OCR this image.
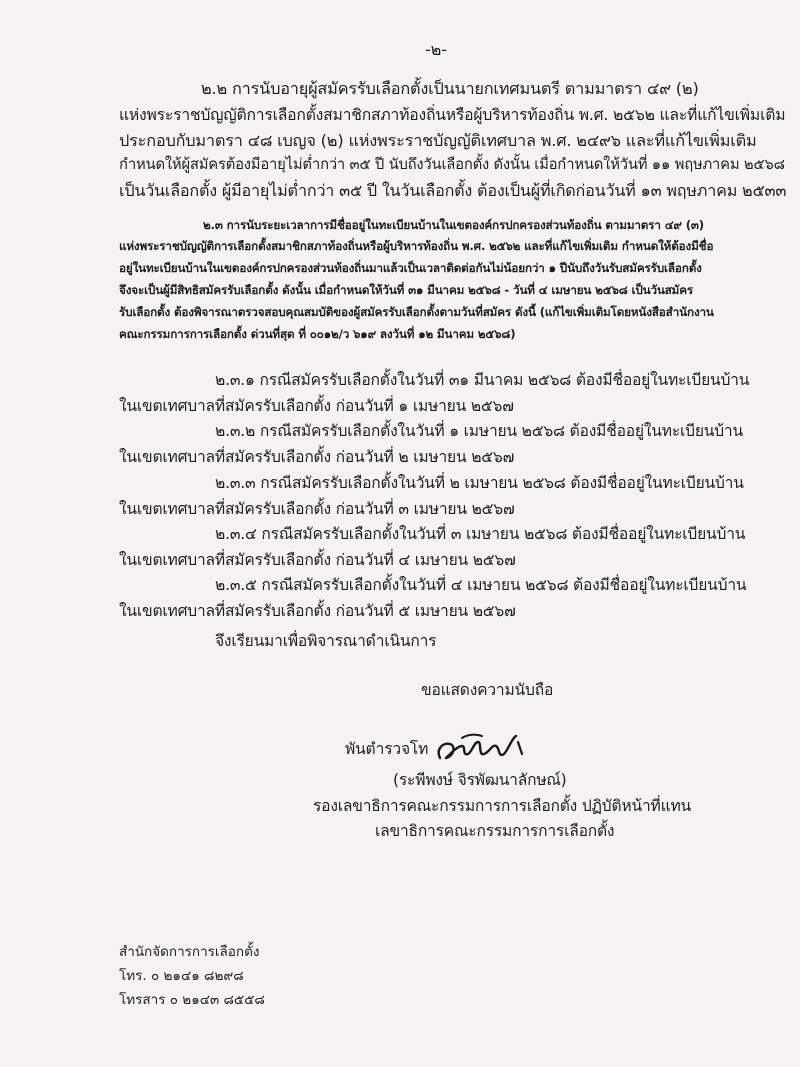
-๒-
๒.๒ การนับอายุผู้สมัครรับเลือกตั้งเป็นนายกเทศมนตรี ตามมาตรา ๔๙ (๒)
แห่งพระราชบัญญัติการเลือกตั้งสมาชิกสภาท้องถิ่นหรือผู้บริหารท้องถิ่น พ.ศ. ๒๕๖๒ และที่แก้ไขเพิ่มเติม
ประกอบกับมาตรา ๔๘ เบญจ (๒) แห่งพระราชบัญญัติเทศบาล พ.ศ. ๒๔๙๖ และที่แก้ไขเพิ่มเติม
กำหนดให้ผู้สมัครต้องมีอายุไม่ต่ำกว่า ๓๕ ปี นับถึงวันเลือกตั้ง ดังนั้น เมื่อกำหนดให้วันที่ ๑๑ พฤษภาคม ๒๕๖๘
เป็นวันเลือกตั้ง ผู้มีอายุไม่ต่ำกว่า ๓๕ ปี ในวันเลือกตั้ง ต้องเป็นผู้ที่เกิดก่อนวันที่ ๑๓ พฤษภาคม ๒๕๓๓
๒.๓ การนับระยะเวลาการมีชื่ออยู่ในทะเบียนบ้านในเขตองค์กรปกครองส่วนท้องถิ่น ตามมาตรา ๔๙ (๓)
แห่งพระราชบัญญัติการเลือกตั้งสมาชิกสภาท้องถิ่นหรือผู้บริหารท้องถิ่น พ.ศ. ๒๕๖๒ และที่แก้ไขเพิ่มเติม กำหนดให้ต้องมีชื่อ
อยู่ในทะเบียนบ้านในเขตองค์กรปกครองส่วนท้องถิ่นมาแล้วเป็นเวลาติดต่อกันไม่น้อยกว่า ๑ ปีนับถึงวันรับสมัครรับเลือกตั้ง
จึงจะเป็นผู้มีสิทธิสมัครรับเลือกตั้ง ดังนั้น เมื่อกำหนดให้วันที่ ๓๑ มีนาคม ๒๕๖๘ - วันที่ ๔ เมษายน ๒๕๖๘ เป็นวันสมัคร
รับเลือกตั้ง ต้องพิจารณาตรวจสอบคุณสมบัติของผู้สมัครรับเลือกตั้งตามวันที่สมัคร ดังนี้ (แก้ไขเพิ่มเติมโดยหนังสือสำนักงาน
คณะกรรมการการเลือกตั้ง ด่วนที่สุด ที่ ๐๐๑๒/ว ๖๑๙ ลงวันที่ ๑๒ มีนาคม ๒๕๖๘)
๒.๓.๑ กรณีสมัครรับเลือกตั้งในวันที่ ๓๑ มีนาคม ๒๕๖๘ ต้องมีชื่ออยู่ในทะเบียนบ้าน
ในเขตเทศบาลที่สมัครรับเลือกตั้ง ก่อนวันที่ ๑ เมษายน ๒๕๖๗
๒.๓.๒ กรณีสมัครรับเลือกตั้งในวันที่ ๑ เมษายน ๒๕๖๘ ต้องมีชื่ออยู่ในทะเบียนบ้าน
ในเขตเทศบาลที่สมัครรับเลือกตั้ง ก่อนวันที่ ๒ เมษายน ๒๕๖๗
๒.๓.๓ กรณีสมัครรับเลือกตั้งในวันที่ ๒ เมษายน ๒๕๖๘ ต้องมีชื่ออยู่ในทะเบียนบ้าน
ในเขตเทศบาลที่สมัครรับเลือกตั้ง ก่อนวันที่ ๓ เมษายน ๒๕๖๗
๒.๓.๔ กรณีสมัครรับเลือกตั้งในวันที่ ๓ เมษายน ๒๕๖๘ ต้องมีชื่ออยู่ในทะเบียนบ้าน
ในเขตเทศบาลที่สมัครรับเลือกตั้ง ก่อนวันที่ ๔ เมษายน ๒๕๖๗
๒.๓.๕ กรณีสมัครรับเลือกตั้งในวันที่ ๔ เมษายน ๒๕๖๘ ต้องมีชื่ออยู่ในทะเบียนบ้าน
ในเขตเทศบาลที่สมัครรับเลือกตั้ง ก่อนวันที่ ๕ เมษายน ๒๕๖๗
จึงเรียนมาเพื่อพิจารณาดำเนินการ
ขอแสดงความนับถือ
พันตำรวจโท
(ระพีพงษ์ จิรพัฒนาลักษณ์)
รองเลขาธิการคณะกรรมการการเลือกตั้ง ปฏิบัติหน้าที่แทน
เลขาธิการคณะกรรมการการเลือกตั้ง
สำนักจัดการการเลือกตั้ง
โทร. ๐ ๒๑๔๑ ๘๒๙๘
โทรสาร ๐ ๒๑๔๓ ๘๕๕๘
